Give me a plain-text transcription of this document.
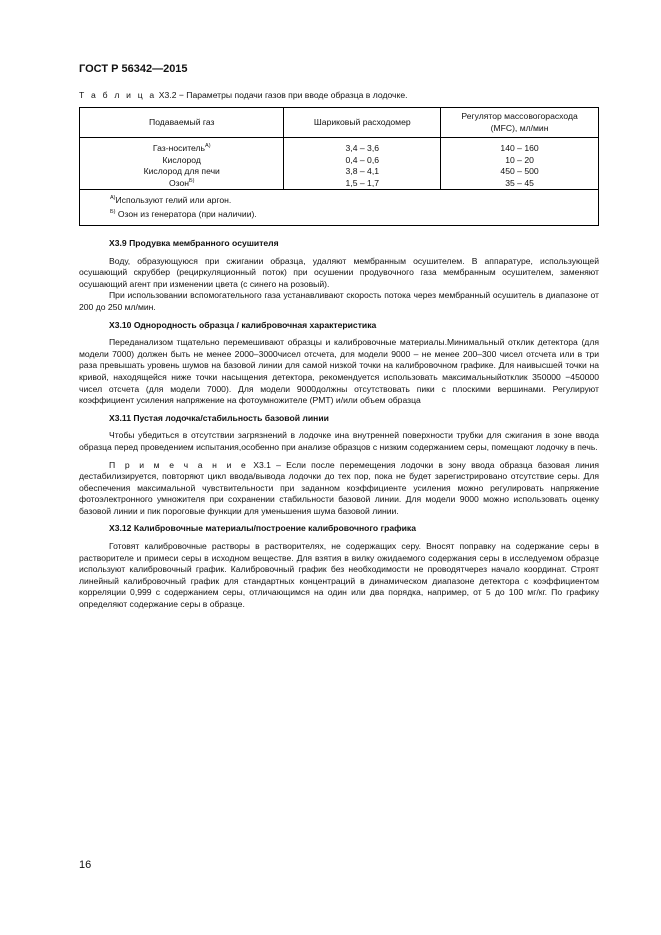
ГОСТ Р 56342—2015
Т а б л и ц а Х3.2 − Параметры подачи газов при вводе образца в лодочке.
Подаваемый газ	Шариковый расходомер	Регулятор массовогорасхода (MFC), мл/мин
Газ-носитель$^{А)}$	3,4 – 3,6	140 – 160
Кислород	0,4 – 0,6	10 – 20
Кислород для печи	3,8 – 4,1	450 – 500
Озон$^{Б)}$	1,5 – 1,7	35 – 45

$^{А)}$Используют гелий или аргон.
$^{Б)}$ Озон из генератора (при наличии).		
Х3.9 Продувка мембранного осушителя

Воду, образующуюся при сжигании образца, удаляют мембранным осушителем. В аппаратуре, использующей осушающий скруббер (рециркуляционный поток) при осушении продувочного газа мембранным осушителем, заменяют осушающий агент при изменении цвета (с синего на розовый).

При использовании вспомогательного газа устанавливают скорость потока через мембранный осушитель в диапазоне от 200 до 250 мл/мин.

Х3.10 Однородность образца / калибровочная характеристика

Переданализом тщательно перемешивают образцы и калибровочные материалы.Минимальный отклик детектора (для модели 7000) должен быть не менее 2000–3000чисел отсчета, для модели 9000 – не менее 200–300 чисел отсчета или в три раза превышать уровень шумов на базовой линии для самой низкой точки на калибровочном графике. Для наивысшей точки на кривой, находящейся ниже точки насыщения детектора, рекомендуется использовать максимальныйотклик 350000 −450000 чисел отсчета (для модели 7000). Для модели 9000должны отсутствовать пики с плоскими вершинами. Регулируют коэффициент усиления напряжение на фотоумножителе (PMT) и/или объем образца

Х3.11 Пустая лодочка/стабильность базовой линии

Чтобы убедиться в отсутствии загрязнений в лодочке ина внутренней поверхности трубки для сжигания в зоне ввода образца перед проведением испытания,особенно при анализе образцов с низким содержанием серы, помещают лодочку в печь.

П р и м е ч а н и е Х3.1 – Если после перемещения лодочки в зону ввода образца базовая линия дестабилизируется, повторяют цикл ввода/вывода лодочки до тех пор, пока не будет зарегистрировано отсутствие серы. Для обеспечения максимальной чувствительности при заданном коэффициенте усиления можно регулировать напряжение фотоэлектронного умножителя при сохранении стабильности базовой линии. Для модели 9000 можно использовать оценку базовой линии и пик пороговые функции для уменьшения шума базовой линии.

Х3.12 Калибровочные материалы/построение калибровочного графика

Готовят калибровочные растворы в растворителях, не содержащих серу. Вносят поправку на содержание серы в растворителе и примеси серы в исходном веществе. Для взятия в вилку ожидаемого содержания серы в исследуемом образце используют калибровочный график. Калибровочный график без необходимости не проводятчерез начало координат. Строят линейный калибровочный график для стандартных концентраций в динамическом диапазоне детектора с коэффициентом корреляции 0,999 с содержанием серы, отличающимся на один или два порядка, например, от 5 до 100 мг/кг. По графику определяют содержание серы в образце.

16
